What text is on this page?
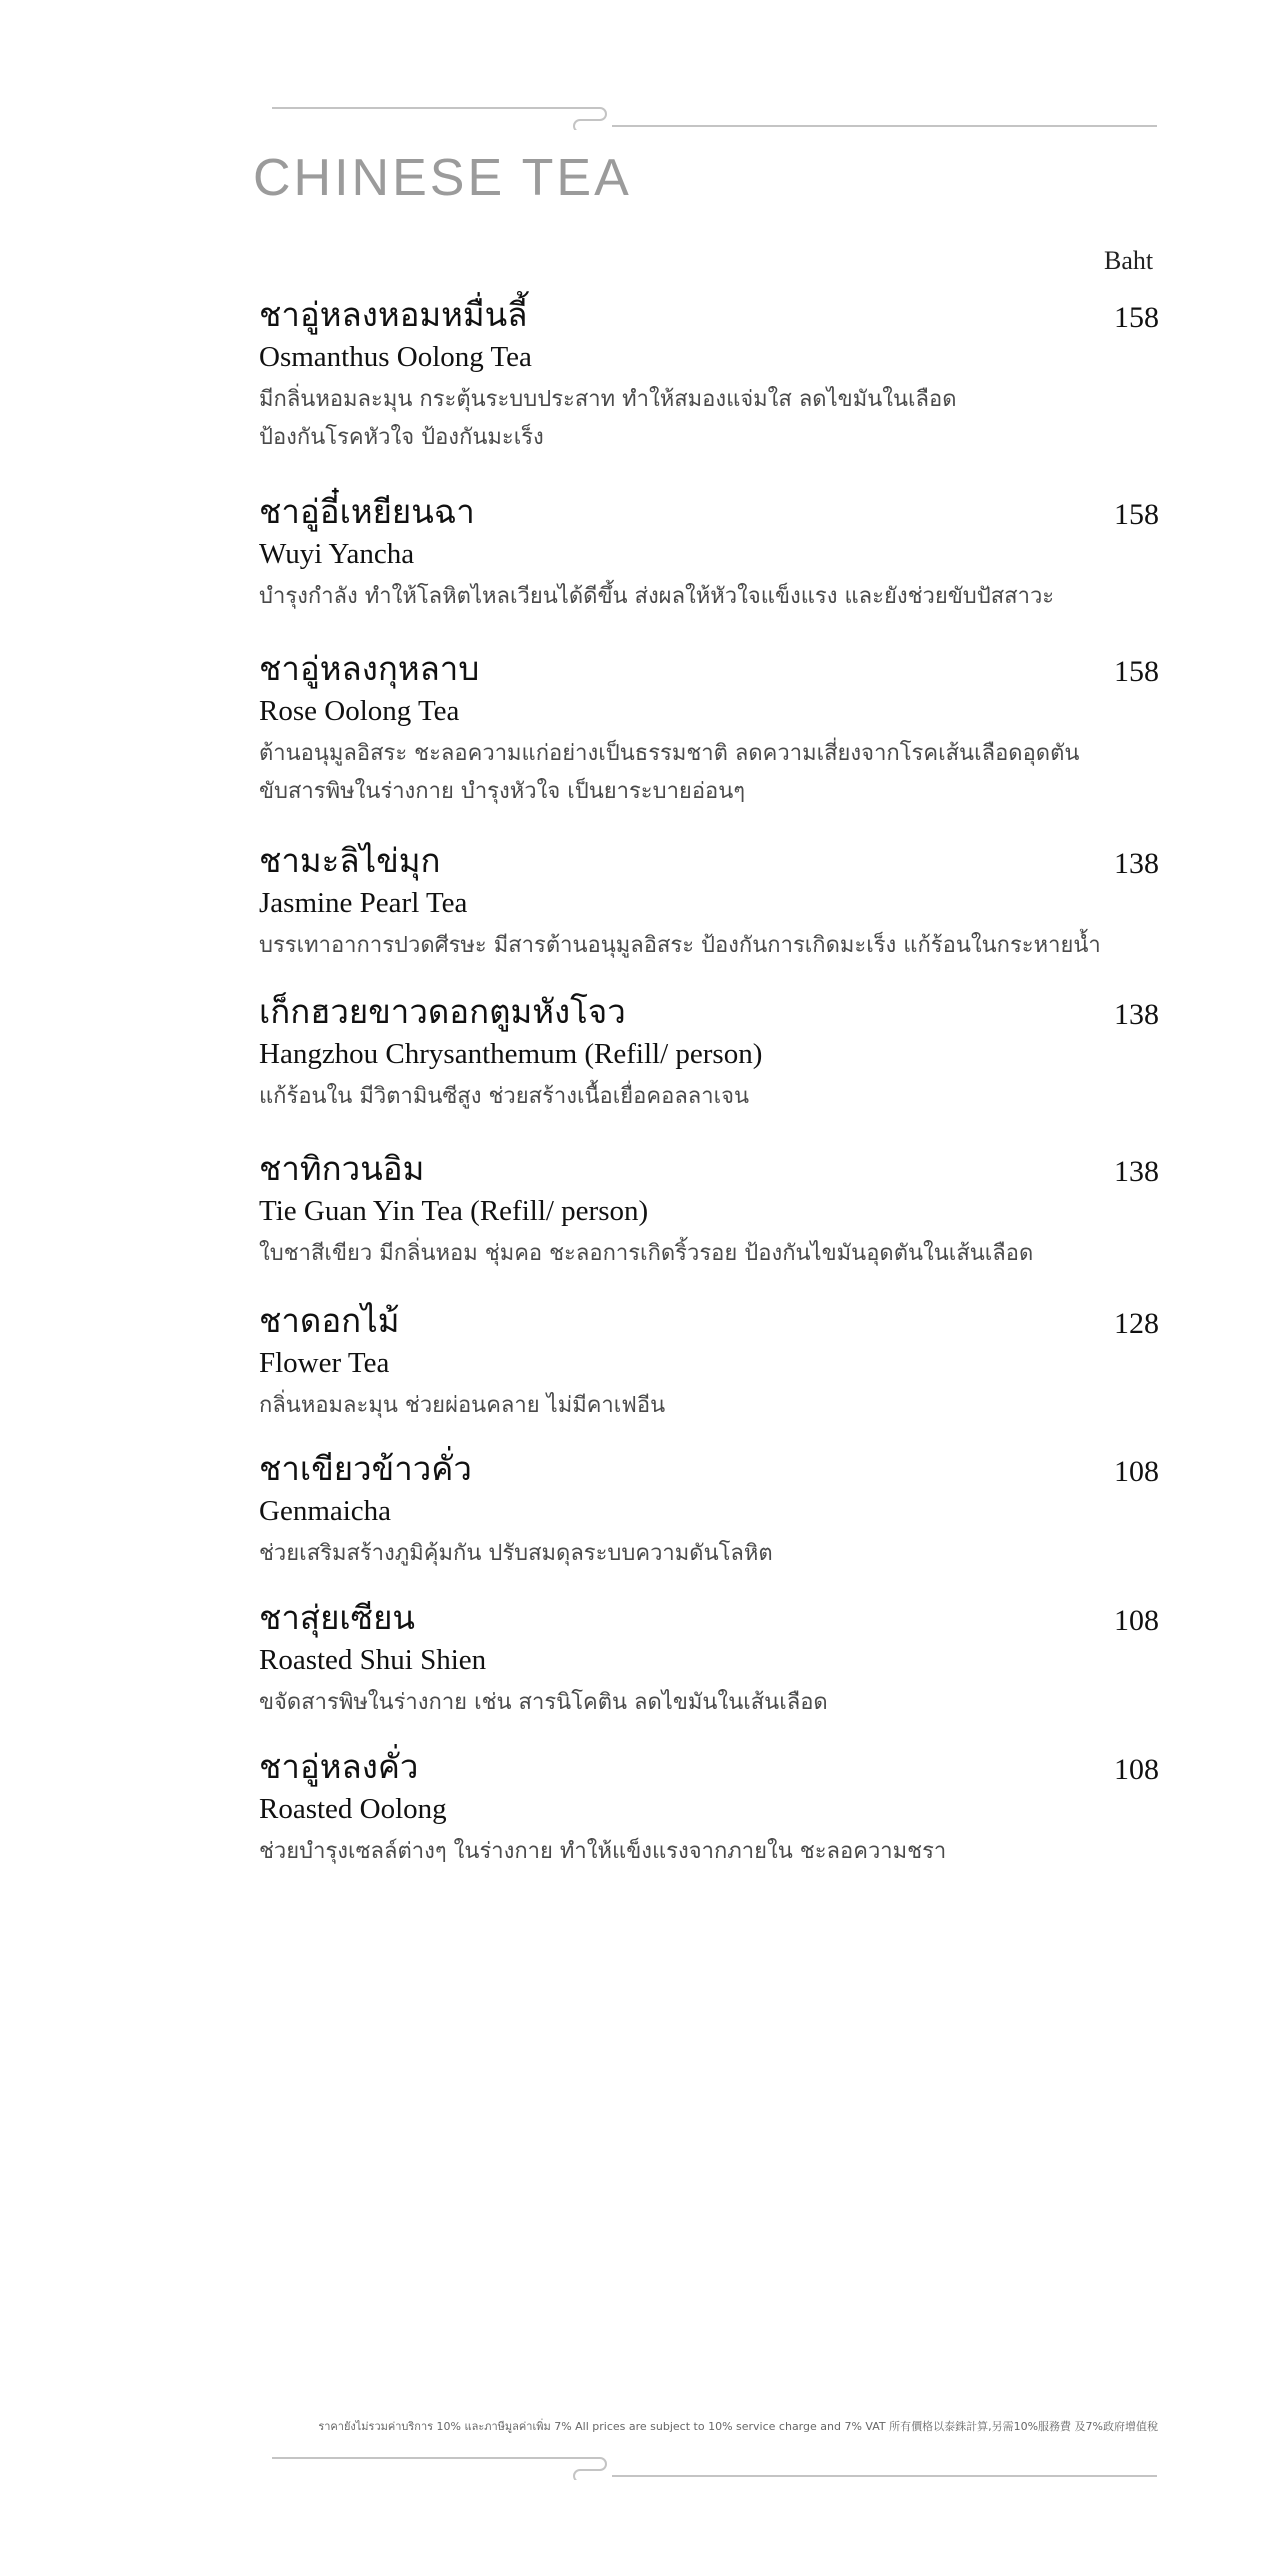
CHINESE TEA
Baht
ชาอู่หลงหอมหมื่นลี้
Osmanthus Oolong Tea
มีกลิ่นหอมละมุน กระตุ้นระบบประสาท ทำให้สมองแจ่มใส ลดไขมันในเลือด
ป้องกันโรคหัวใจ ป้องกันมะเร็ง
158
ชาอู่อี๋เหยียนฉา
Wuyi Yancha
บำรุงกำลัง ทำให้โลหิตไหลเวียนได้ดีขึ้น ส่งผลให้หัวใจแข็งแรง และยังช่วยขับปัสสาวะ
158
ชาอู่หลงกุหลาบ
Rose Oolong Tea
ต้านอนุมูลอิสระ ชะลอความแก่อย่างเป็นธรรมชาติ ลดความเสี่ยงจากโรคเส้นเลือดอุดตัน
ขับสารพิษในร่างกาย บำรุงหัวใจ เป็นยาระบายอ่อนๆ
158
ชามะลิไข่มุก
Jasmine Pearl Tea
บรรเทาอาการปวดศีรษะ มีสารต้านอนุมูลอิสระ ป้องกันการเกิดมะเร็ง แก้ร้อนในกระหายน้ำ
138
เก็กฮวยขาวดอกตูมหังโจว
Hangzhou Chrysanthemum (Refill/ person)
แก้ร้อนใน มีวิตามินซีสูง ช่วยสร้างเนื้อเยื่อคอลลาเจน
138
ชาทิกวนอิม
Tie Guan Yin Tea (Refill/ person)
ใบชาสีเขียว มีกลิ่นหอม ชุ่มคอ ชะลอการเกิดริ้วรอย ป้องกันไขมันอุดตันในเส้นเลือด
138
ชาดอกไม้
Flower Tea
กลิ่นหอมละมุน ช่วยผ่อนคลาย ไม่มีคาเฟอีน
128
ชาเขียวข้าวคั่ว
Genmaicha
ช่วยเสริมสร้างภูมิคุ้มกัน ปรับสมดุลระบบความดันโลหิต
108
ชาสุ่ยเซียน
Roasted Shui Shien
ขจัดสารพิษในร่างกาย เช่น สารนิโคติน ลดไขมันในเส้นเลือด
108
ชาอู่หลงคั่ว
Roasted Oolong
ช่วยบำรุงเซลล์ต่างๆ ในร่างกาย ทำให้แข็งแรงจากภายใน ชะลอความชรา
108
ราคายังไม่รวมค่าบริการ 10% และภาษีมูลค่าเพิ่ม 7% All prices are subject to 10% service charge and 7% VAT 所有價格以泰銖計算,另需10%服務費 及7%政府增值稅
